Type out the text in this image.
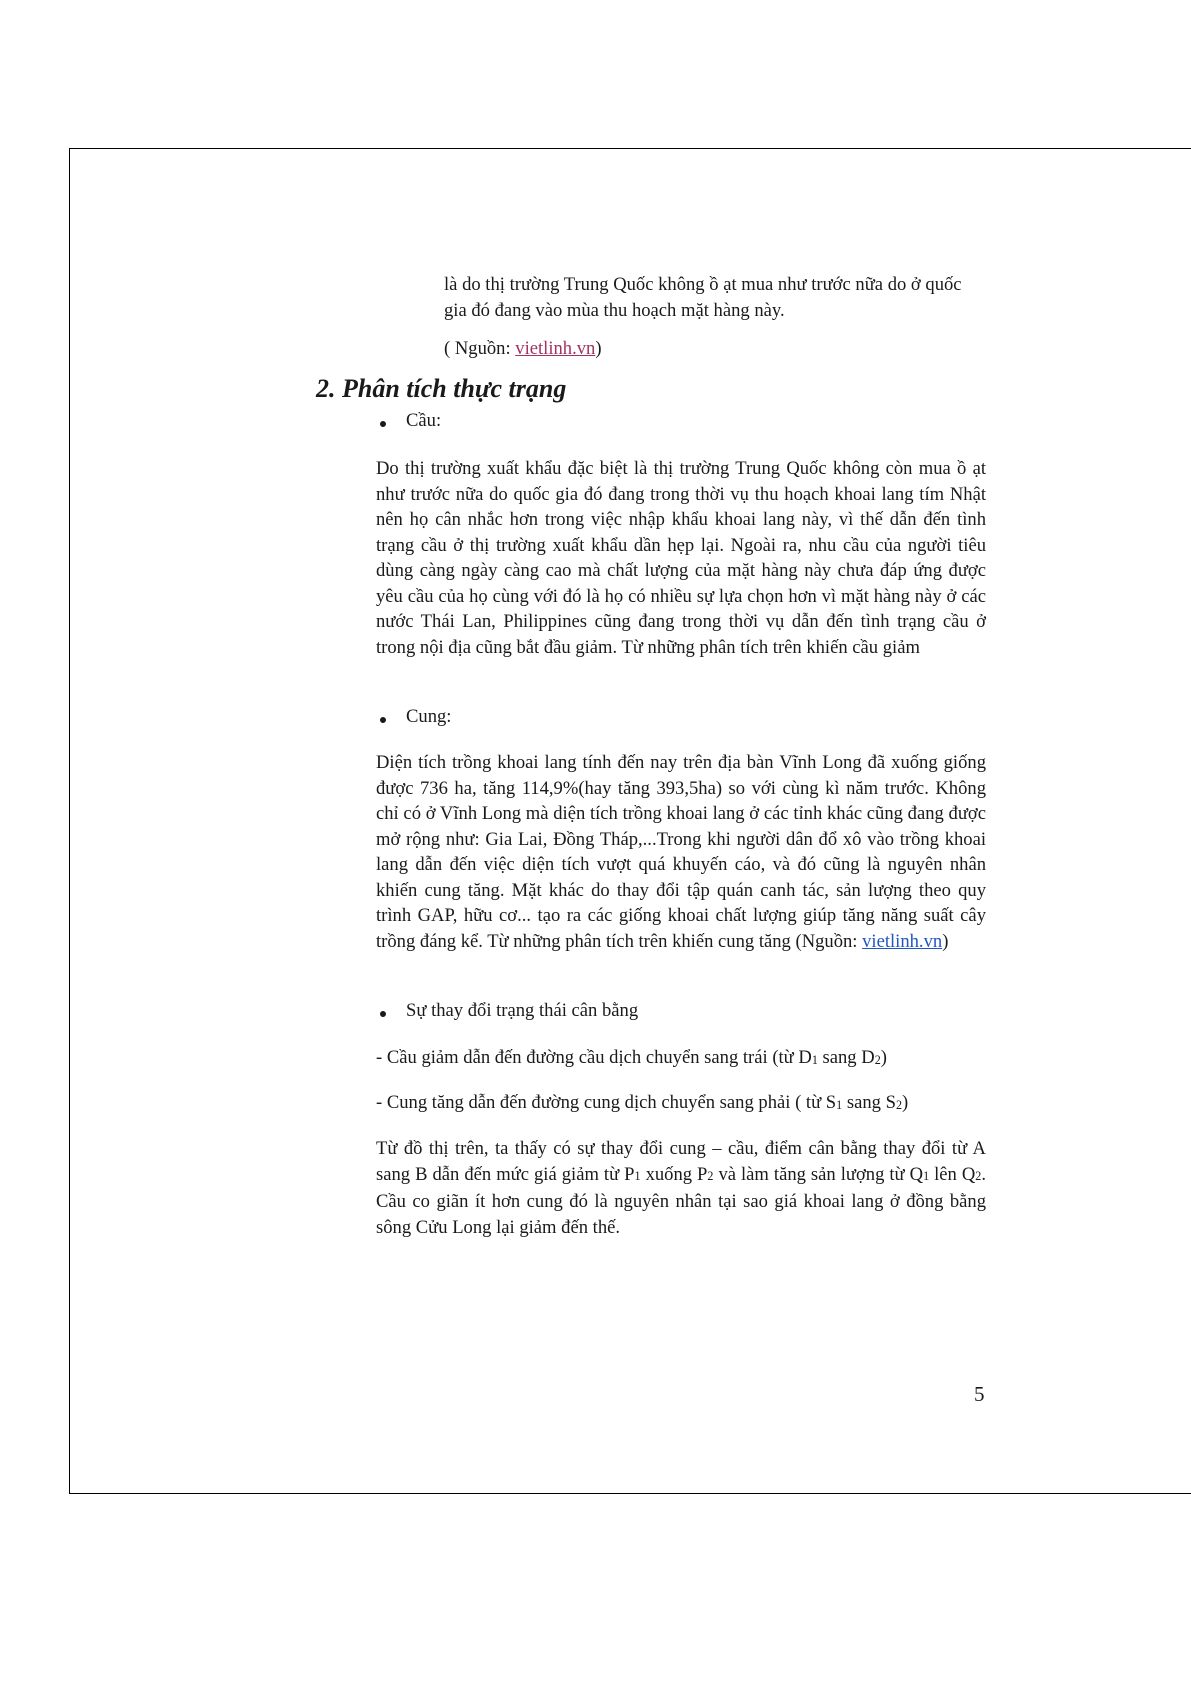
là do thị trường Trung Quốc không ồ ạt mua như trước nữa do ở quốc gia đó đang vào mùa thu hoạch mặt hàng này.
( Nguồn: vietlinh.vn)
2. Phân tích thực trạng
Cầu:
Do thị trường xuất khẩu đặc biệt là thị trường Trung Quốc không còn mua ồ ạt như trước nữa do quốc gia đó đang trong thời vụ thu hoạch khoai lang tím Nhật nên họ cân nhắc hơn trong việc nhập khẩu khoai lang này, vì thế dẫn đến tình trạng cầu ở thị trường xuất khẩu dần hẹp lại. Ngoài ra, nhu cầu của người tiêu dùng càng ngày càng cao mà chất lượng của mặt hàng này chưa đáp ứng được yêu cầu của họ cùng với đó là họ có nhiều sự lựa chọn hơn vì mặt hàng này ở các nước Thái Lan, Philippines cũng đang trong thời vụ dẫn đến tình trạng cầu ở trong nội địa cũng bắt đầu giảm. Từ những phân tích trên khiến cầu giảm
Cung:
Diện tích trồng khoai lang tính đến nay trên địa bàn Vĩnh Long đã xuống giống được 736 ha, tăng 114,9%(hay tăng 393,5ha) so với cùng kì năm trước. Không chỉ có ở Vĩnh Long mà diện tích trồng khoai lang ở các tỉnh khác cũng đang được mở rộng như: Gia Lai, Đồng Tháp,...Trong khi người dân đổ xô vào trồng khoai lang dẫn đến việc diện tích vượt quá khuyến cáo, và đó cũng là nguyên nhân khiến cung tăng. Mặt khác do thay đổi tập quán canh tác, sản lượng theo quy trình GAP, hữu cơ... tạo ra các giống khoai chất lượng giúp tăng năng suất cây trồng đáng kể. Từ những phân tích trên khiến cung tăng (Nguồn: vietlinh.vn)
Sự thay đổi trạng thái cân bằng
- Cầu giảm dẫn đến đường cầu dịch chuyển sang trái (từ $D_1$ sang $D_2$)
- Cung tăng dẫn đến đường cung dịch chuyển sang phải ( từ $S_1$ sang $S_2$)
Từ đồ thị trên, ta thấy có sự thay đổi cung – cầu, điểm cân bằng thay đổi từ A sang B dẫn đến mức giá giảm từ $P_1$ xuống $P_2$ và làm tăng sản lượng từ $Q_1$ lên $Q_2$. Cầu co giãn ít hơn cung đó là nguyên nhân tại sao giá khoai lang ở đồng bằng sông Cửu Long lại giảm đến thế.
5
